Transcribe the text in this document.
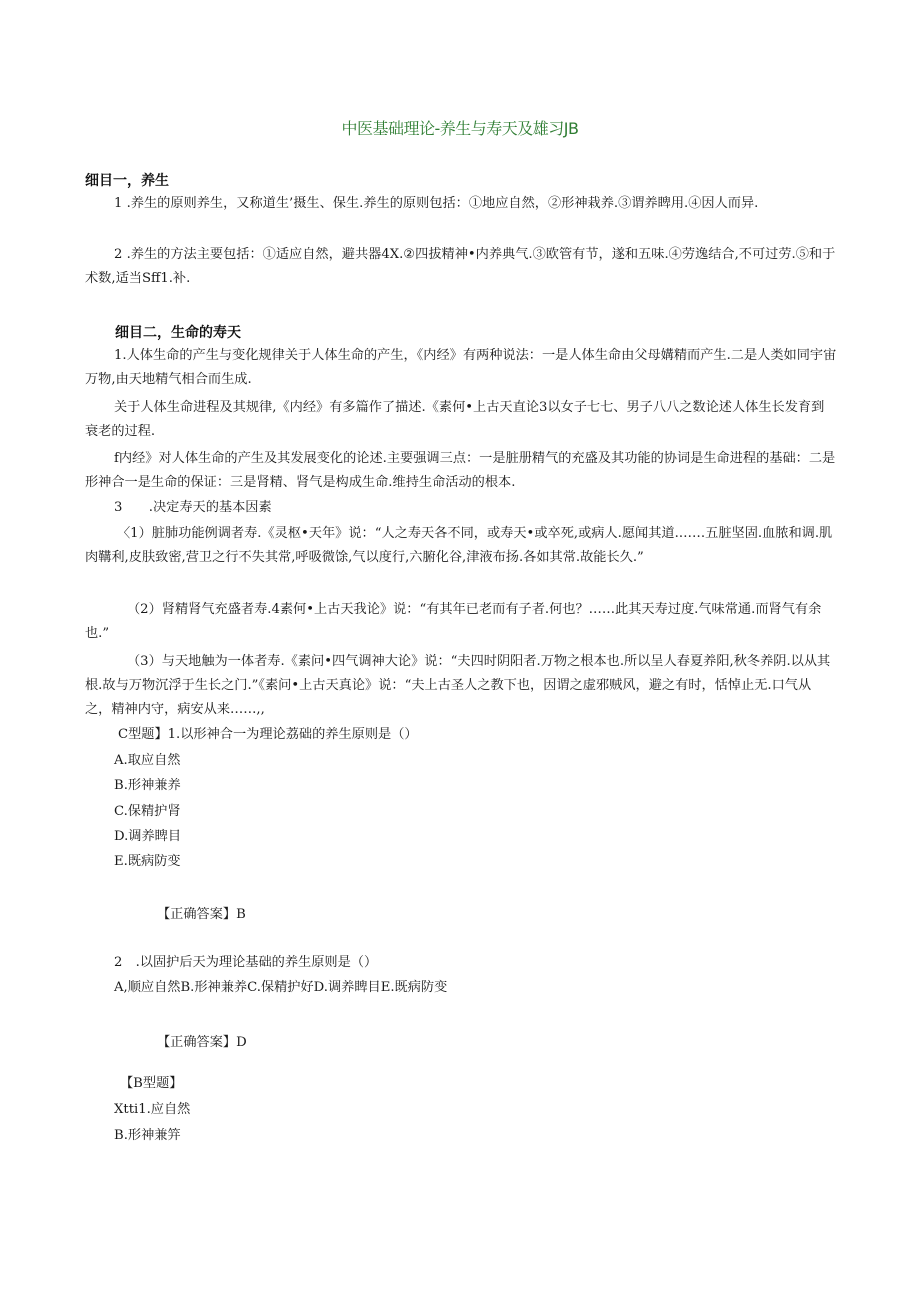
中医基础理论-养生与寿天及雄习JB
细目一，养生
1 .养生的原则养生，又称道生’摄生、保生.养生的原则包括：①地应自然，②形神栽养.③谓养睥用.④因人而异.
2 .养生的方法主要包括：①适应自然，避共器4X.②四拔精神•内养典气.③欧管有节，遂和五味.④劳逸结合,不可过劳.⑤和于术数,适当Sff1.补.
细目二，生命的寿天
1.人体生命的产生与变化规律关于人体生命的产生，《内经》有两种说法：一是人体生命由父母媾精而产生.二是人类如同宇宙万物,由天地精气相合而生成.
关于人体生命进程及其规律,《内经》有多篇作了描述.《素何•上古天直论3以女子七七、男子八八之数论述人体生长发育到衰老的过程.
f内经》对人体生命的产生及其发展变化的论述.主要强调三点：一是脏册精气的充盛及其功能的协词是生命进程的基础：二是形神合一是生命的保证：三是肾精、肾气是构成生命.维持生命活动的根本.
3　　.决定寿天的基本因素
〈1）脏肺功能例调者寿.《灵枢•天年》说：“人之寿天各不同，或寿天•或卒死,或病人.愿闻其道.……五脏坚固.血脓和调.肌肉鞲利,皮肤致密,营卫之行不失其常,呼吸微馀,气以度行,六腑化谷,津液布扬.各如其常.故能长久.”
（2）肾精肾气充盛者寿.4素何•上古天我论》说：“有其年已老而有子者.何也？……此其天寿过度.气味常通.而肾气有余也.”
（3）与天地触为一体者寿.《素问•四气调神大论》说：“夫四时阴阳者.万物之根本也.所以呈人春夏养阳,秋冬养阴.以从其根.故与万物沉浮于生长之门.”《素问•上古天真论》说：“夫上古圣人之教下也，因谓之虚邪贼风，避之有时，恬悼止无.口气从之，精神内守，病安从来……,,
C型题】1.以形神合一为理论荔础的养生原则是（）
A.取应自然
B.形神兼养
C.保精护肾
D.调养睥目
E.既病防变
【正确答案】B
2　.以固护后天为理论基础的养生原则是（）
A,顺应自然B.形神兼养C.保精护好D.调养睥目E.既病防变
【正确答案】D
【B型题】
Xtti1.应自然
B.形神兼笄
